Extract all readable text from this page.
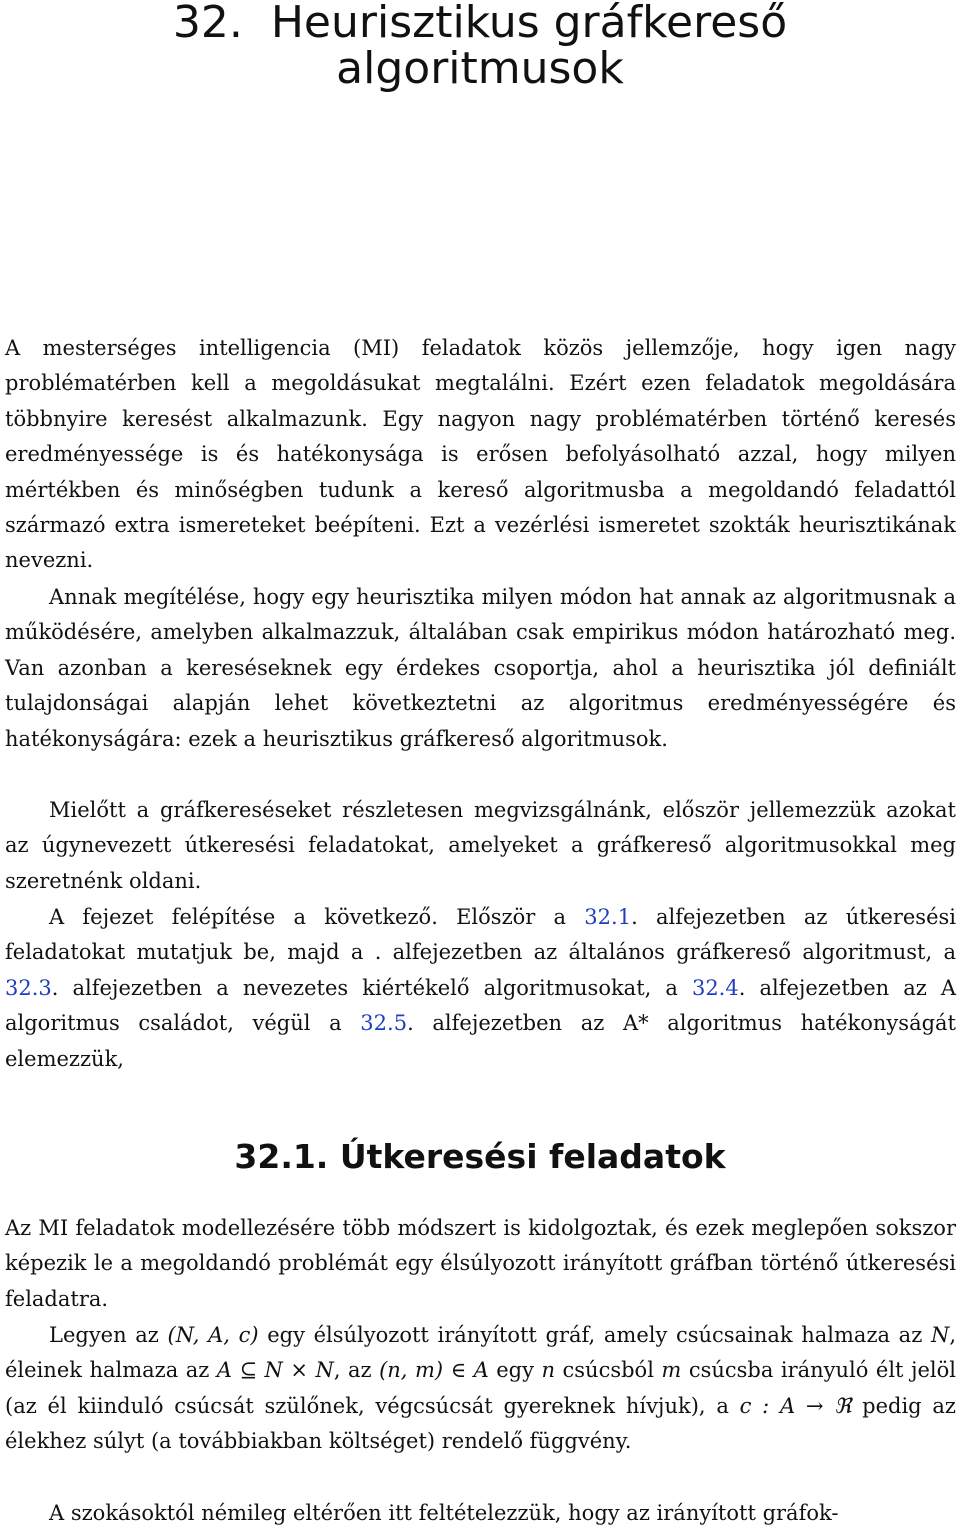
32. Heurisztikus gráfkereső
algoritmusok

A mesterséges intelligencia (MI) feladatok közös jellemzője, hogy igen nagy problématérben kell a megoldásukat megtalálni. Ezért ezen feladatok megoldására többnyire keresést alkalmazunk. Egy nagyon nagy problématérben történő keresés eredményessége is és hatékonysága is erősen befolyásolható azzal, hogy milyen mértékben és minőségben tudunk a kereső algoritmusba a megoldandó feladattól származó extra ismereteket beépíteni. Ezt a vezérlési ismeretet szokták heurisztikának nevezni.

Annak megítélése, hogy egy heurisztika milyen módon hat annak az algoritmusnak a működésére, amelyben alkalmazzuk, általában csak empirikus módon határozható meg. Van azonban a kereséseknek egy érdekes csoportja, ahol a heurisztika jól definiált tulajdonságai alapján lehet következtetni az algoritmus eredményességére és hatékonyságára: ezek a heurisztikus gráfkereső algoritmusok.

Mielőtt a gráfkereséseket részletesen megvizsgálnánk, először jellemezzük azokat az úgynevezett útkeresési feladatokat, amelyeket a gráfkereső algoritmusokkal meg szeretnénk oldani.

A fejezet felépítése a következő. Először a 32.1. alfejezetben az útkeresési feladatokat mutatjuk be, majd a . alfejezetben az általános gráfkereső algoritmust, a 32.3. alfejezetben a nevezetes kiértékelő algoritmusokat, a 32.4. alfejezetben az A algoritmus családot, végül a 32.5. alfejezetben az A* algoritmus hatékonyságát elemezzük,

32.1. Útkeresési feladatok

Az MI feladatok modellezésére több módszert is kidolgoztak, és ezek meglepően sokszor képezik le a megoldandó problémát egy élsúlyozott irányított gráfban történő útkeresési feladatra.

Legyen az (N, A, c) egy élsúlyozott irányított gráf, amely csúcsainak halmaza az N, éleinek halmaza az A ⊆ N × N, az (n, m) ∈ A egy n csúcsból m csúcsba irányuló élt jelöl (az él kiinduló csúcsát szülőnek, végcsúcsát gyereknek hívjuk), a c : A → ℜ pedig az élekhez súlyt (a továbbiakban költséget) rendelő függvény.

A szokásoktól némileg eltérően itt feltételezzük, hogy az irányított gráfok-
